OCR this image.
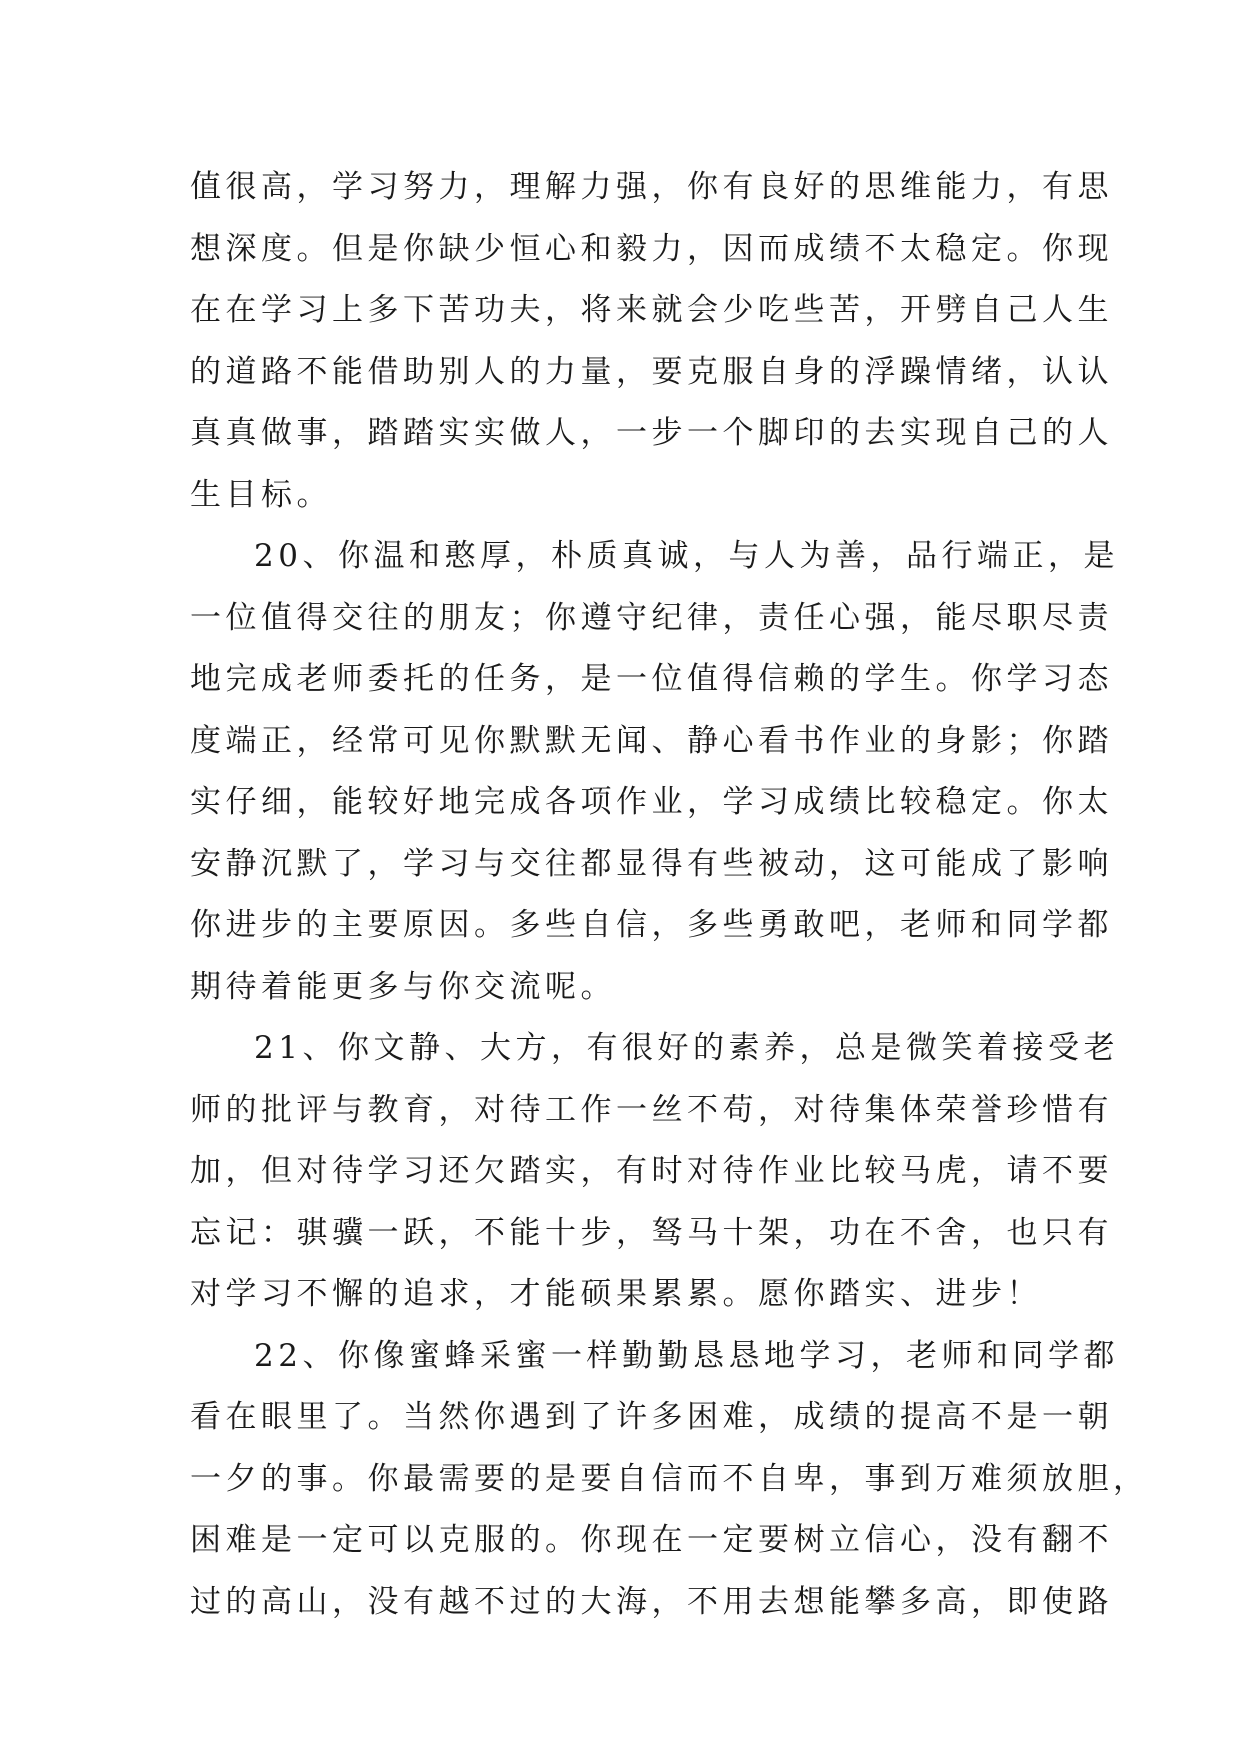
值很高，学习努力，理解力强，你有良好的思维能力，有思
想深度。但是你缺少恒心和毅力，因而成绩不太稳定。你现
在在学习上多下苦功夫，将来就会少吃些苦，开劈自己人生
的道路不能借助别人的力量，要克服自身的浮躁情绪，认认
真真做事，踏踏实实做人，一步一个脚印的去实现自己的人
生目标。
20、你温和憨厚，朴质真诚，与人为善，品行端正，是
一位值得交往的朋友；你遵守纪律，责任心强，能尽职尽责
地完成老师委托的任务，是一位值得信赖的学生。你学习态
度端正，经常可见你默默无闻、静心看书作业的身影；你踏
实仔细，能较好地完成各项作业，学习成绩比较稳定。你太
安静沉默了，学习与交往都显得有些被动，这可能成了影响
你进步的主要原因。多些自信，多些勇敢吧，老师和同学都
期待着能更多与你交流呢。
21、你文静、大方，有很好的素养，总是微笑着接受老
师的批评与教育，对待工作一丝不苟，对待集体荣誉珍惜有
加，但对待学习还欠踏实，有时对待作业比较马虎，请不要
忘记：骐骥一跃，不能十步，驽马十架，功在不舍，也只有
对学习不懈的追求，才能硕果累累。愿你踏实、进步！
22、你像蜜蜂采蜜一样勤勤恳恳地学习，老师和同学都
看在眼里了。当然你遇到了许多困难，成绩的提高不是一朝
一夕的事。你最需要的是要自信而不自卑，事到万难须放胆，
困难是一定可以克服的。你现在一定要树立信心，没有翻不
过的高山，没有越不过的大海，不用去想能攀多高，即使路
